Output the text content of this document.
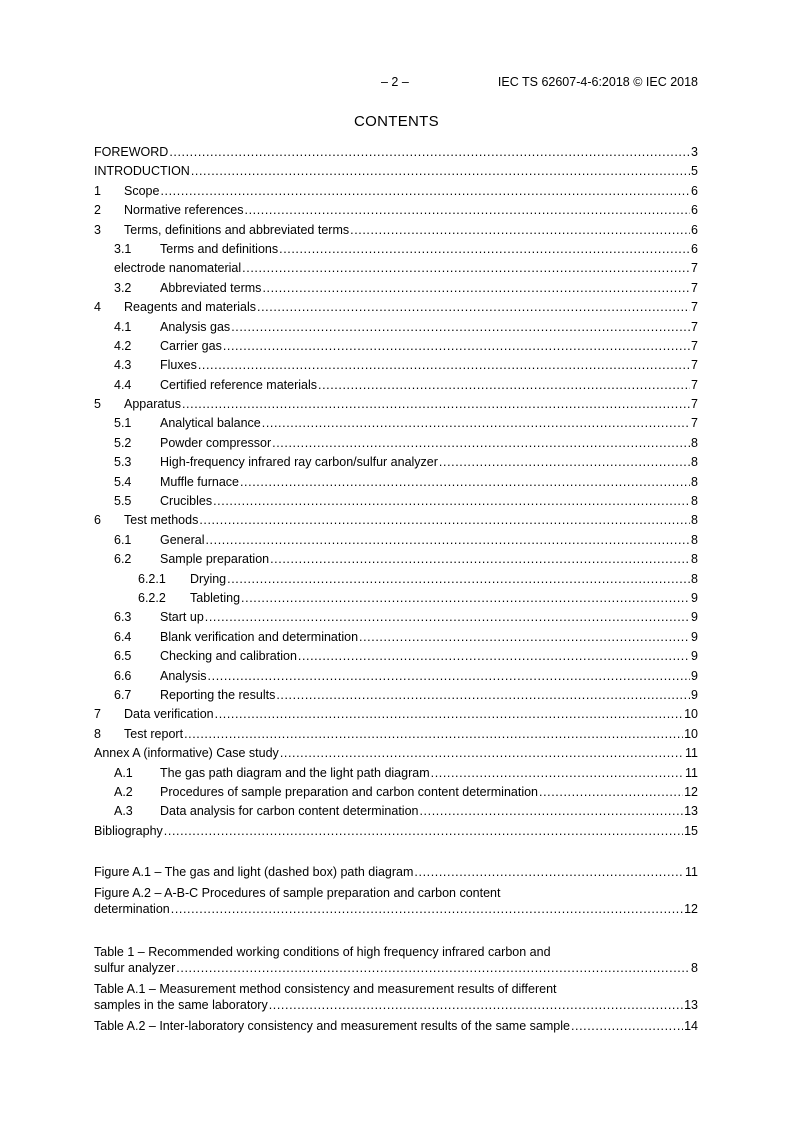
– 2 –	IEC TS 62607-4-6:2018 © IEC 2018
CONTENTS
FOREWORD .....	3
INTRODUCTION .....	5
1	Scope .....	6
2	Normative references .....	6
3	Terms, definitions and abbreviated terms .....	6
3.1	Terms and definitions .....	6
electrode nanomaterial .....	7
3.2	Abbreviated terms .....	7
4	Reagents and materials .....	7
4.1	Analysis gas .....	7
4.2	Carrier gas .....	7
4.3	Fluxes .....	7
4.4	Certified reference materials .....	7
5	Apparatus .....	7
5.1	Analytical balance .....	7
5.2	Powder compressor .....	8
5.3	High-frequency infrared ray carbon/sulfur analyzer .....	8
5.4	Muffle furnace .....	8
5.5	Crucibles .....	8
6	Test methods .....	8
6.1	General .....	8
6.2	Sample preparation .....	8
6.2.1	Drying .....	8
6.2.2	Tableting .....	9
6.3	Start up .....	9
6.4	Blank verification and determination .....	9
6.5	Checking and calibration .....	9
6.6	Analysis .....	9
6.7	Reporting the results .....	9
7	Data verification .....	10
8	Test report .....	10
Annex A (informative) Case study .....	11
A.1	The gas path diagram and the light path diagram .....	11
A.2	Procedures of sample preparation and carbon content determination .....	12
A.3	Data analysis for carbon content determination .....	13
Bibliography .....	15
Figure A.1 – The gas and light (dashed box) path diagram .....	11
Figure A.2 – A-B-C Procedures of sample preparation and carbon content
determination .....	12
Table 1 – Recommended working conditions of high frequency infrared carbon and
sulfur analyzer .....	8
Table A.1 – Measurement method consistency and measurement results of different
samples in the same laboratory .....	13
Table A.2 – Inter-laboratory consistency and measurement results of the same sample .....	14
